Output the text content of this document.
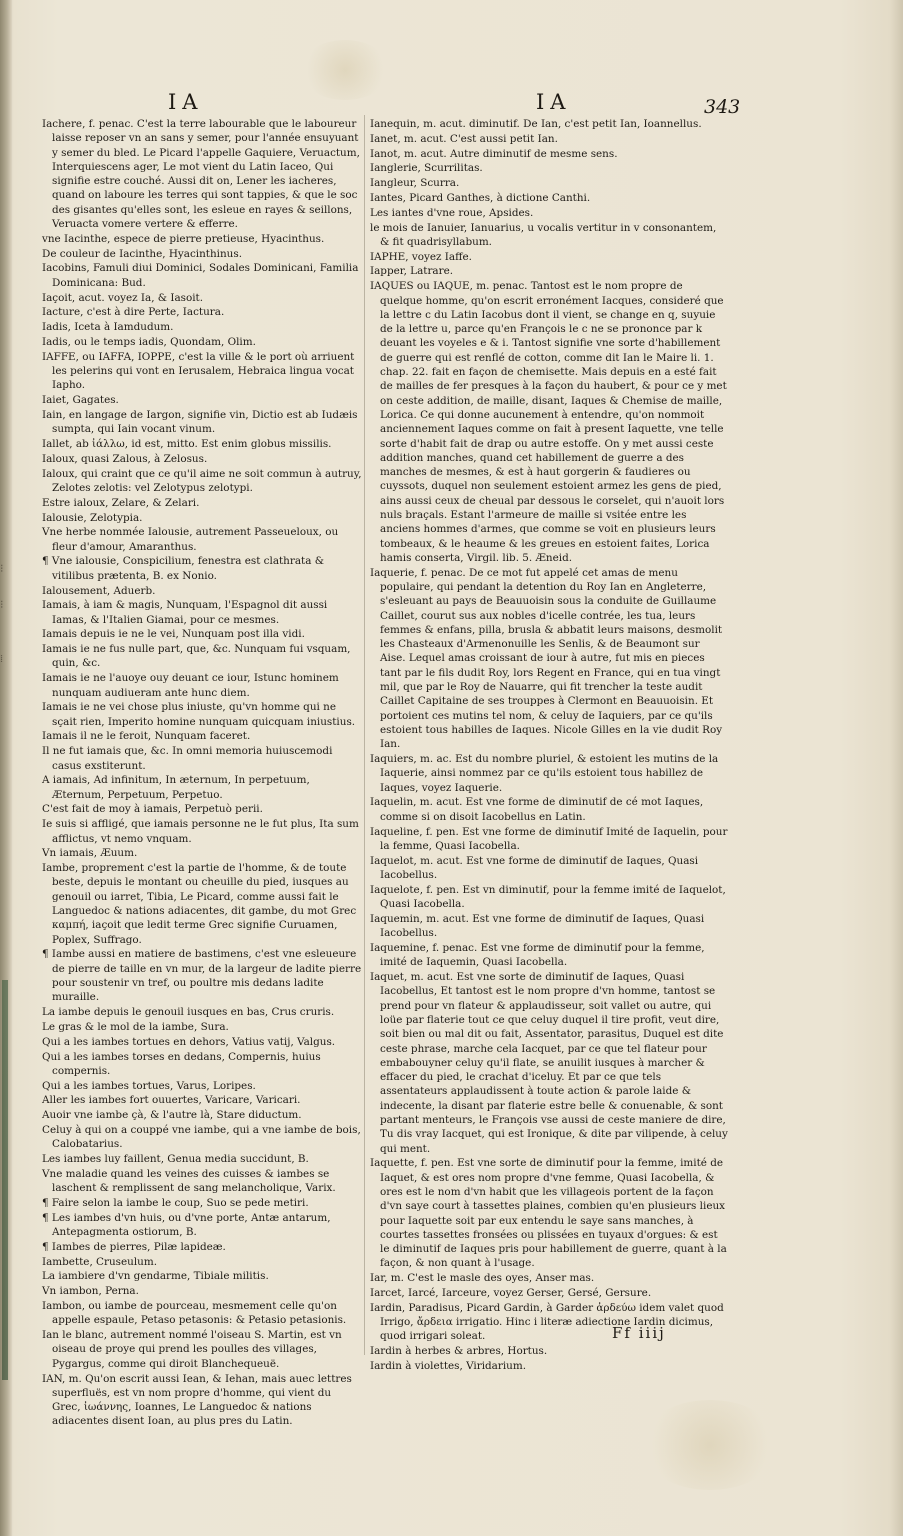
⁝

⁝

⁞
IA	IA	343
Iachere, f. penac. C'est la terre labourable que le laboureur laisse reposer vn an sans y semer, pour l'année ensuyuant y semer du bled. Le Picard l'appelle Gaquiere, Veruactum, Interquiescens ager, Le mot vient du Latin Iaceo, Qui signifie estre couché. Aussi dit on, Lener les iacheres, quand on laboure les terres qui sont tappies, & que le soc des gisantes qu'elles sont, les esleue en rayes & seillons, Veruacta vomere vertere & efferre.
vne Iacinthe, espece de pierre pretieuse, Hyacinthus.
De couleur de Iacinthe, Hyacinthinus.
Iacobins, Famuli diui Dominici, Sodales Dominicani, Familia Dominicana: Bud.
Iaçoit, acut. voyez Ia, & Iasoit.
Iacture, c'est à dire Perte, Iactura.
Iadis, Iceta à Iamdudum.
Iadis, ou le temps iadis, Quondam, Olim.
IAFFE, ou IAFFA, IOPPE, c'est la ville & le port où arriuent les pelerins qui vont en Ierusalem, Hebraica lingua vocat Iapho.
Iaiet, Gagates.
Iain, en langage de Iargon, signifie vin, Dictio est ab Iudæis sumpta, qui Iain vocant vinum.
Iallet, ab ἰάλλω, id est, mitto. Est enim globus missilis.
Ialoux, quasi Zalous, à Zelosus.
Ialoux, qui craint que ce qu'il aime ne soit commun à autruy, Zelotes zelotis: vel Zelotypus zelotypi.
Estre ialoux, Zelare, & Zelari.
Ialousie, Zelotypia.
Vne herbe nommée Ialousie, autrement Passeueloux, ou fleur d'amour, Amaranthus.
¶ Vne ialousie, Conspicilium, fenestra est clathrata & vitilibus prætenta, B. ex Nonio.
Ialousement, Aduerb.
Iamais, à iam & magis, Nunquam, l'Espagnol dit aussi Iamas, & l'Italien Giamai, pour ce mesmes.
Iamais depuis ie ne le vei, Nunquam post illa vidi.
Iamais ie ne fus nulle part, que, &c. Nunquam fui vsquam, quin, &c.
Iamais ie ne l'auoye ouy deuant ce iour, Istunc hominem nunquam audiueram ante hunc diem.
Iamais ie ne vei chose plus iniuste, qu'vn homme qui ne sçait rien, Imperito homine nunquam quicquam iniustius.
Iamais il ne le feroit, Nunquam faceret.
Il ne fut iamais que, &c. In omni memoria huiuscemodi casus exstiterunt.
A iamais, Ad infinitum, In æternum, In perpetuum, Æternum, Perpetuum, Perpetuo.
C'est fait de moy à iamais, Perpetuò perii.
Ie suis si affligé, que iamais personne ne le fut plus, Ita sum afflictus, vt nemo vnquam.
Vn iamais, Æuum.
Iambe, proprement c'est la partie de l'homme, & de toute beste, depuis le montant ou cheuille du pied, iusques au genouil ou iarret, Tibia, Le Picard, comme aussi fait le Languedoc & nations adiacentes, dit gambe, du mot Grec καμπή, iaçoit que ledit terme Grec signifie Curuamen, Poplex, Suffrago.
¶ Iambe aussi en matiere de bastimens, c'est vne esleueure de pierre de taille en vn mur, de la largeur de ladite pierre pour soustenir vn tref, ou poultre mis dedans ladite muraille.
La iambe depuis le genouil iusques en bas, Crus cruris.
Le gras & le mol de la iambe, Sura.
Qui a les iambes tortues en dehors, Vatius vatij, Valgus.
Qui a les iambes torses en dedans, Compernis, huius compernis.
Qui a les iambes tortues, Varus, Loripes.
Aller les iambes fort ouuertes, Varicare, Varicari.
Auoir vne iambe çà, & l'autre là, Stare diductum.
Celuy à qui on a couppé vne iambe, qui a vne iambe de bois, Calobatarius.
Les iambes luy faillent, Genua media succidunt, B.
Vne maladie quand les veines des cuisses & iambes se laschent & remplissent de sang melancholique, Varix.
¶ Faire selon la iambe le coup, Suo se pede metiri.
¶ Les iambes d'vn huis, ou d'vne porte, Antæ antarum, Antepagmenta ostiorum, B.
¶ Iambes de pierres, Pilæ lapideæ.
Iambette, Cruseulum.
La iambiere d'vn gendarme, Tibiale militis.
Vn iambon, Perna.
Iambon, ou iambe de pourceau, mesmement celle qu'on appelle espaule, Petaso petasonis: & Petasio petasionis.
Ian le blanc, autrement nommé l'oiseau S. Martin, est vn oiseau de proye qui prend les poulles des villages, Pygargus, comme qui diroit Blanchequeuë.
IAN, m. Qu'on escrit aussi Iean, & Iehan, mais auec lettres superfluës, est vn nom propre d'homme, qui vient du Grec, ἰωάννης, Ioannes, Le Languedoc & nations adiacentes disent Ioan, au plus pres du Latin.
Ianequin, m. acut. diminutif. De Ian, c'est petit Ian, Ioannellus.
Ianet, m. acut. C'est aussi petit Ian.
Ianot, m. acut. Autre diminutif de mesme sens.
Ianglerie, Scurrilitas.
Iangleur, Scurra.
Iantes, Picard Ganthes, à dictione Canthi.
Les iantes d'vne roue, Apsides.
le mois de Ianuier, Ianuarius, u vocalis vertitur in v consonantem, & fit quadrisyllabum.
IAPHE, voyez Iaffe.
Iapper, Latrare.
IAQUES ou IAQUE, m. penac. Tantost est le nom propre de quelque homme, qu'on escrit erronément Iacques, consideré que la lettre c du Latin Iacobus dont il vient, se change en q, suyuie de la lettre u, parce qu'en François le c ne se prononce par k deuant les voyeles e & i. Tantost signifie vne sorte d'habillement de guerre qui est renflé de cotton, comme dit Ian le Maire li. 1. chap. 22. fait en façon de chemisette. Mais depuis en a esté fait de mailles de fer presques à la façon du haubert, & pour ce y met on ceste addition, de maille, disant, Iaques & Chemise de maille, Lorica. Ce qui donne aucunement à entendre, qu'on nommoit anciennement Iaques comme on fait à present Iaquette, vne telle sorte d'habit fait de drap ou autre estoffe. On y met aussi ceste addition manches, quand cet habillement de guerre a des manches de mesmes, & est à haut gorgerin & faudieres ou cuyssots, duquel non seulement estoient armez les gens de pied, ains aussi ceux de cheual par dessous le corselet, qui n'auoit lors nuls braçals. Estant l'armeure de maille si vsitée entre les anciens hommes d'armes, que comme se voit en plusieurs leurs tombeaux, & le heaume & les greues en estoient faites, Lorica hamis conserta, Virgil. lib. 5. Æneid.
Iaquerie, f. penac. De ce mot fut appelé cet amas de menu populaire, qui pendant la detention du Roy Ian en Angleterre, s'esleuant au pays de Beauuoisin sous la conduite de Guillaume Caillet, courut sus aux nobles d'icelle contrée, les tua, leurs femmes & enfans, pilla, brusla & abbatit leurs maisons, desmolit les Chasteaux d'Armenonuille les Senlis, & de Beaumont sur Aise. Lequel amas croissant de iour à autre, fut mis en pieces tant par le fils dudit Roy, lors Regent en France, qui en tua vingt mil, que par le Roy de Nauarre, qui fit trencher la teste audit Caillet Capitaine de ses trouppes à Clermont en Beauuoisin. Et portoient ces mutins tel nom, & celuy de Iaquiers, par ce qu'ils estoient tous habilles de Iaques. Nicole Gilles en la vie dudit Roy Ian.
Iaquiers, m. ac. Est du nombre pluriel, & estoient les mutins de la Iaquerie, ainsi nommez par ce qu'ils estoient tous habillez de Iaques, voyez Iaquerie.
Iaquelin, m. acut. Est vne forme de diminutif de cé mot Iaques, comme si on disoit Iacobellus en Latin.
Iaqueline, f. pen. Est vne forme de diminutif Imité de Iaquelin, pour la femme, Quasi Iacobella.
Iaquelot, m. acut. Est vne forme de diminutif de Iaques, Quasi Iacobellus.
Iaquelote, f. pen. Est vn diminutif, pour la femme imité de Iaquelot, Quasi Iacobella.
Iaquemin, m. acut. Est vne forme de diminutif de Iaques, Quasi Iacobellus.
Iaquemine, f. penac. Est vne forme de diminutif pour la femme, imité de Iaquemin, Quasi Iacobella.
Iaquet, m. acut. Est vne sorte de diminutif de Iaques, Quasi Iacobellus, Et tantost est le nom propre d'vn homme, tantost se prend pour vn flateur & applaudisseur, soit vallet ou autre, qui loüe par flaterie tout ce que celuy duquel il tire profit, veut dire, soit bien ou mal dit ou fait, Assentator, parasitus, Duquel est dite ceste phrase, marche cela Iacquet, par ce que tel flateur pour embabouyner celuy qu'il flate, se anuilit iusques à marcher & effacer du pied, le crachat d'iceluy. Et par ce que tels assentateurs applaudissent à toute action & parole laide & indecente, la disant par flaterie estre belle & conuenable, & sont partant menteurs, le François vse aussi de ceste maniere de dire, Tu dis vray Iacquet, qui est Ironique, & dite par vilipende, à celuy qui ment.
Iaquette, f. pen. Est vne sorte de diminutif pour la femme, imité de Iaquet, & est ores nom propre d'vne femme, Quasi Iacobella, & ores est le nom d'vn habit que les villageois portent de la façon d'vn saye court à tassettes plaines, combien qu'en plusieurs lieux pour Iaquette soit par eux entendu le saye sans manches, à courtes tassettes fronsées ou plissées en tuyaux d'orgues: & est le diminutif de Iaques pris pour habillement de guerre, quant à la façon, & non quant à l'usage.
Iar, m. C'est le masle des oyes, Anser mas.
Iarcet, Iarcé, Iarceure, voyez Gerser, Gersé, Gersure.
Iardin, Paradisus, Picard Gardin, à Garder ἀρδεύω idem valet quod Irrigo, ἄρδεια irrigatio. Hinc i literæ adiectione Iardin dicimus, quod irrigari soleat.
Iardin à herbes & arbres, Hortus.
Iardin à violettes, Viridarium.
Ff iiij
